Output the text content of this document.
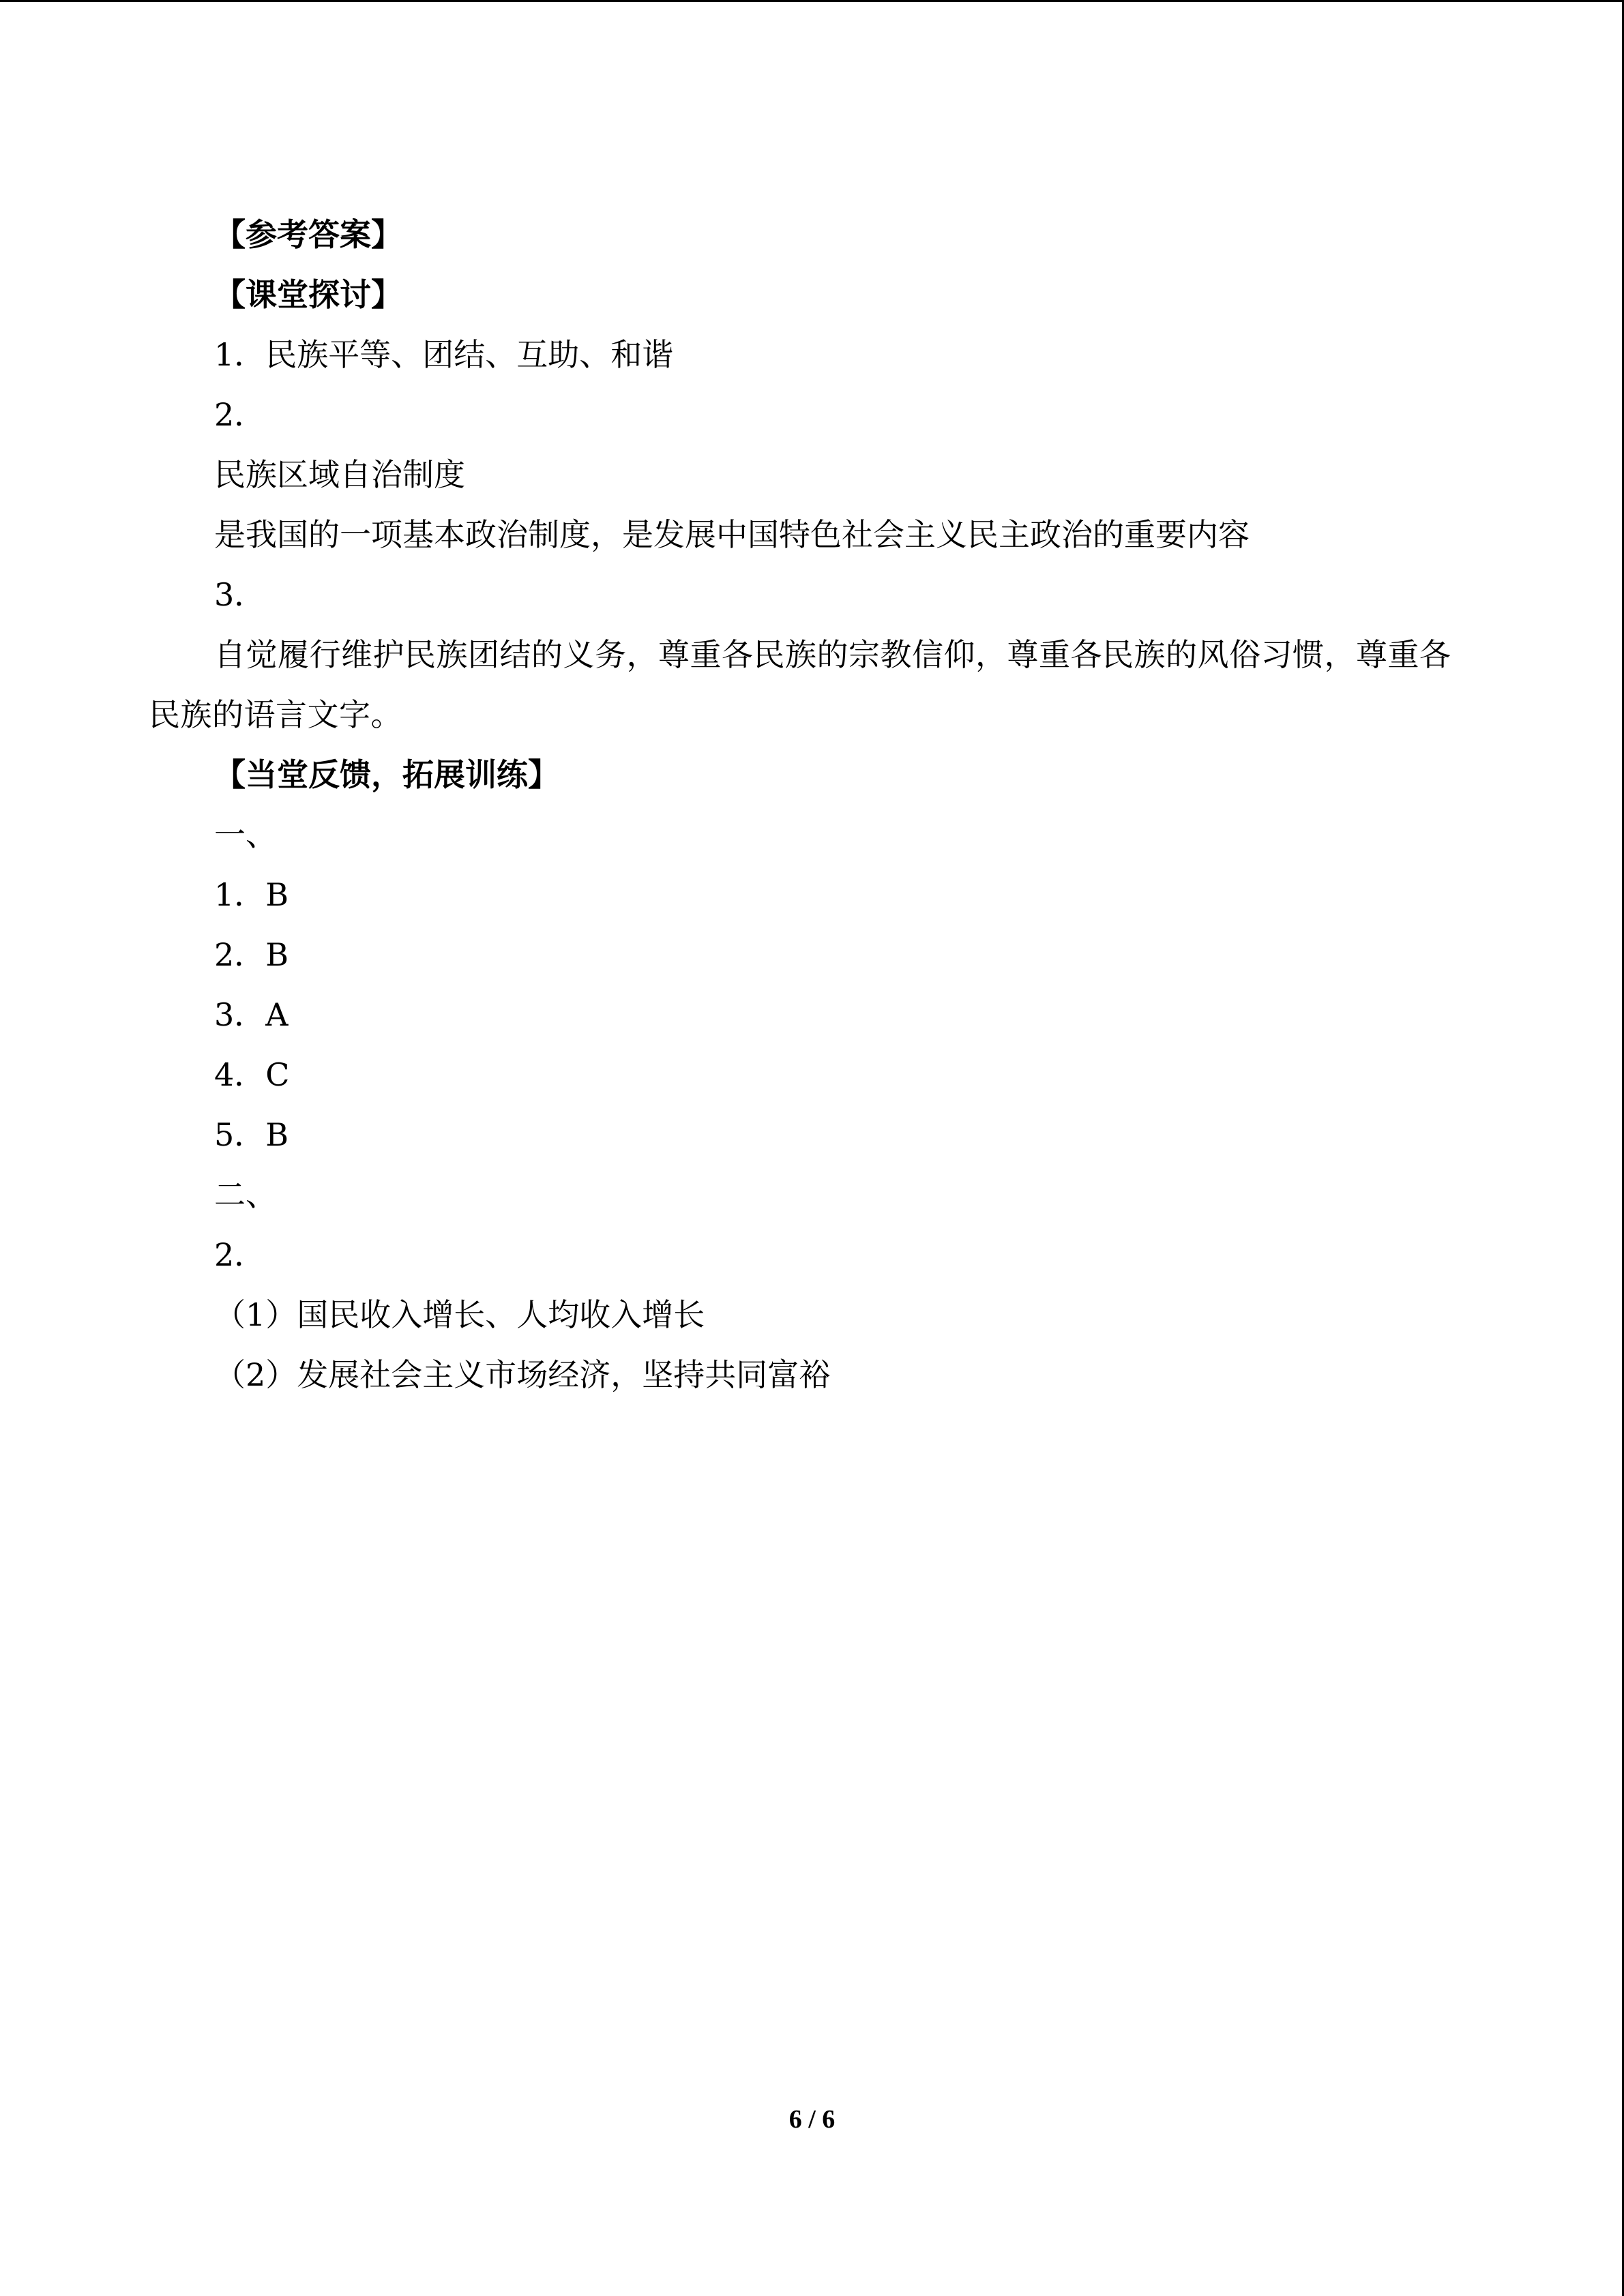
【参考答案】
【课堂探讨】
1．民族平等、团结、互助、和谐
2．
民族区域自治制度
是我国的一项基本政治制度，是发展中国特色社会主义民主政治的重要内容
3．
自觉履行维护民族团结的义务，尊重各民族的宗教信仰，尊重各民族的风俗习惯，尊重各民族的语言文字。
【当堂反馈，拓展训练】
一、
1．B
2．B
3．A
4．C
5．B
二、
2．
（1）国民收入增长、人均收入增长
（2）发展社会主义市场经济，坚持共同富裕
6 / 6
